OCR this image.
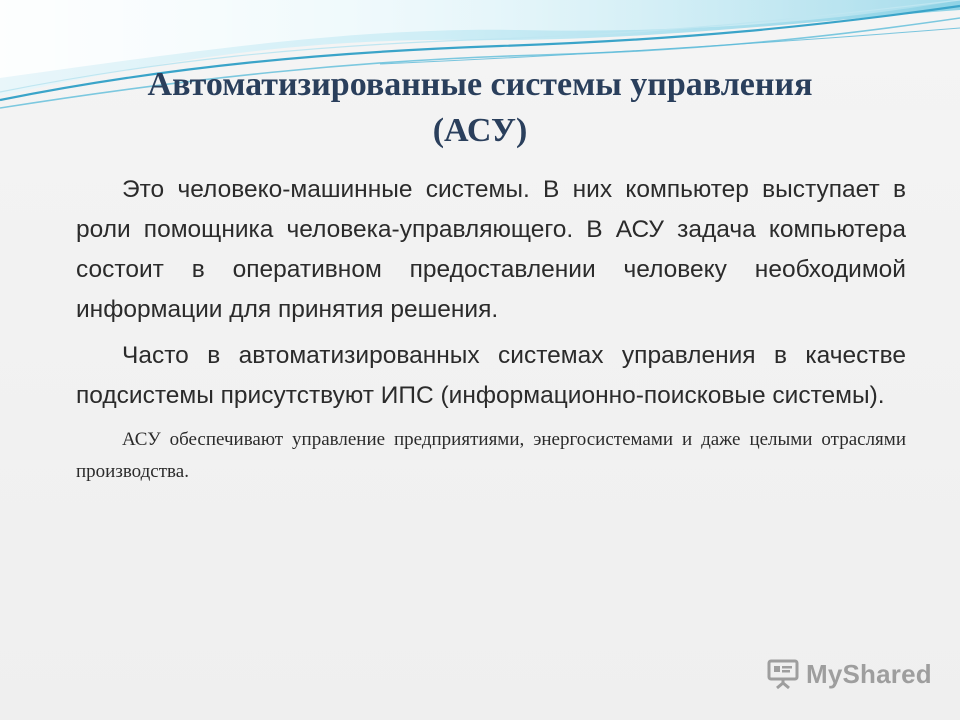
Автоматизированные системы управления
(АСУ)

Это человеко-машинные системы. В них компьютер выступает в роли помощника человека-управляющего. В АСУ задача компьютера состоит в оперативном предоставлении человеку необходимой информации для принятия решения.

Часто в автоматизированных системах управления в качестве подсистемы присутствуют ИПС (информационно-поисковые системы).

АСУ обеспечивают управление предприятиями, энергосистемами и даже целыми отраслями производства.

MyShared
